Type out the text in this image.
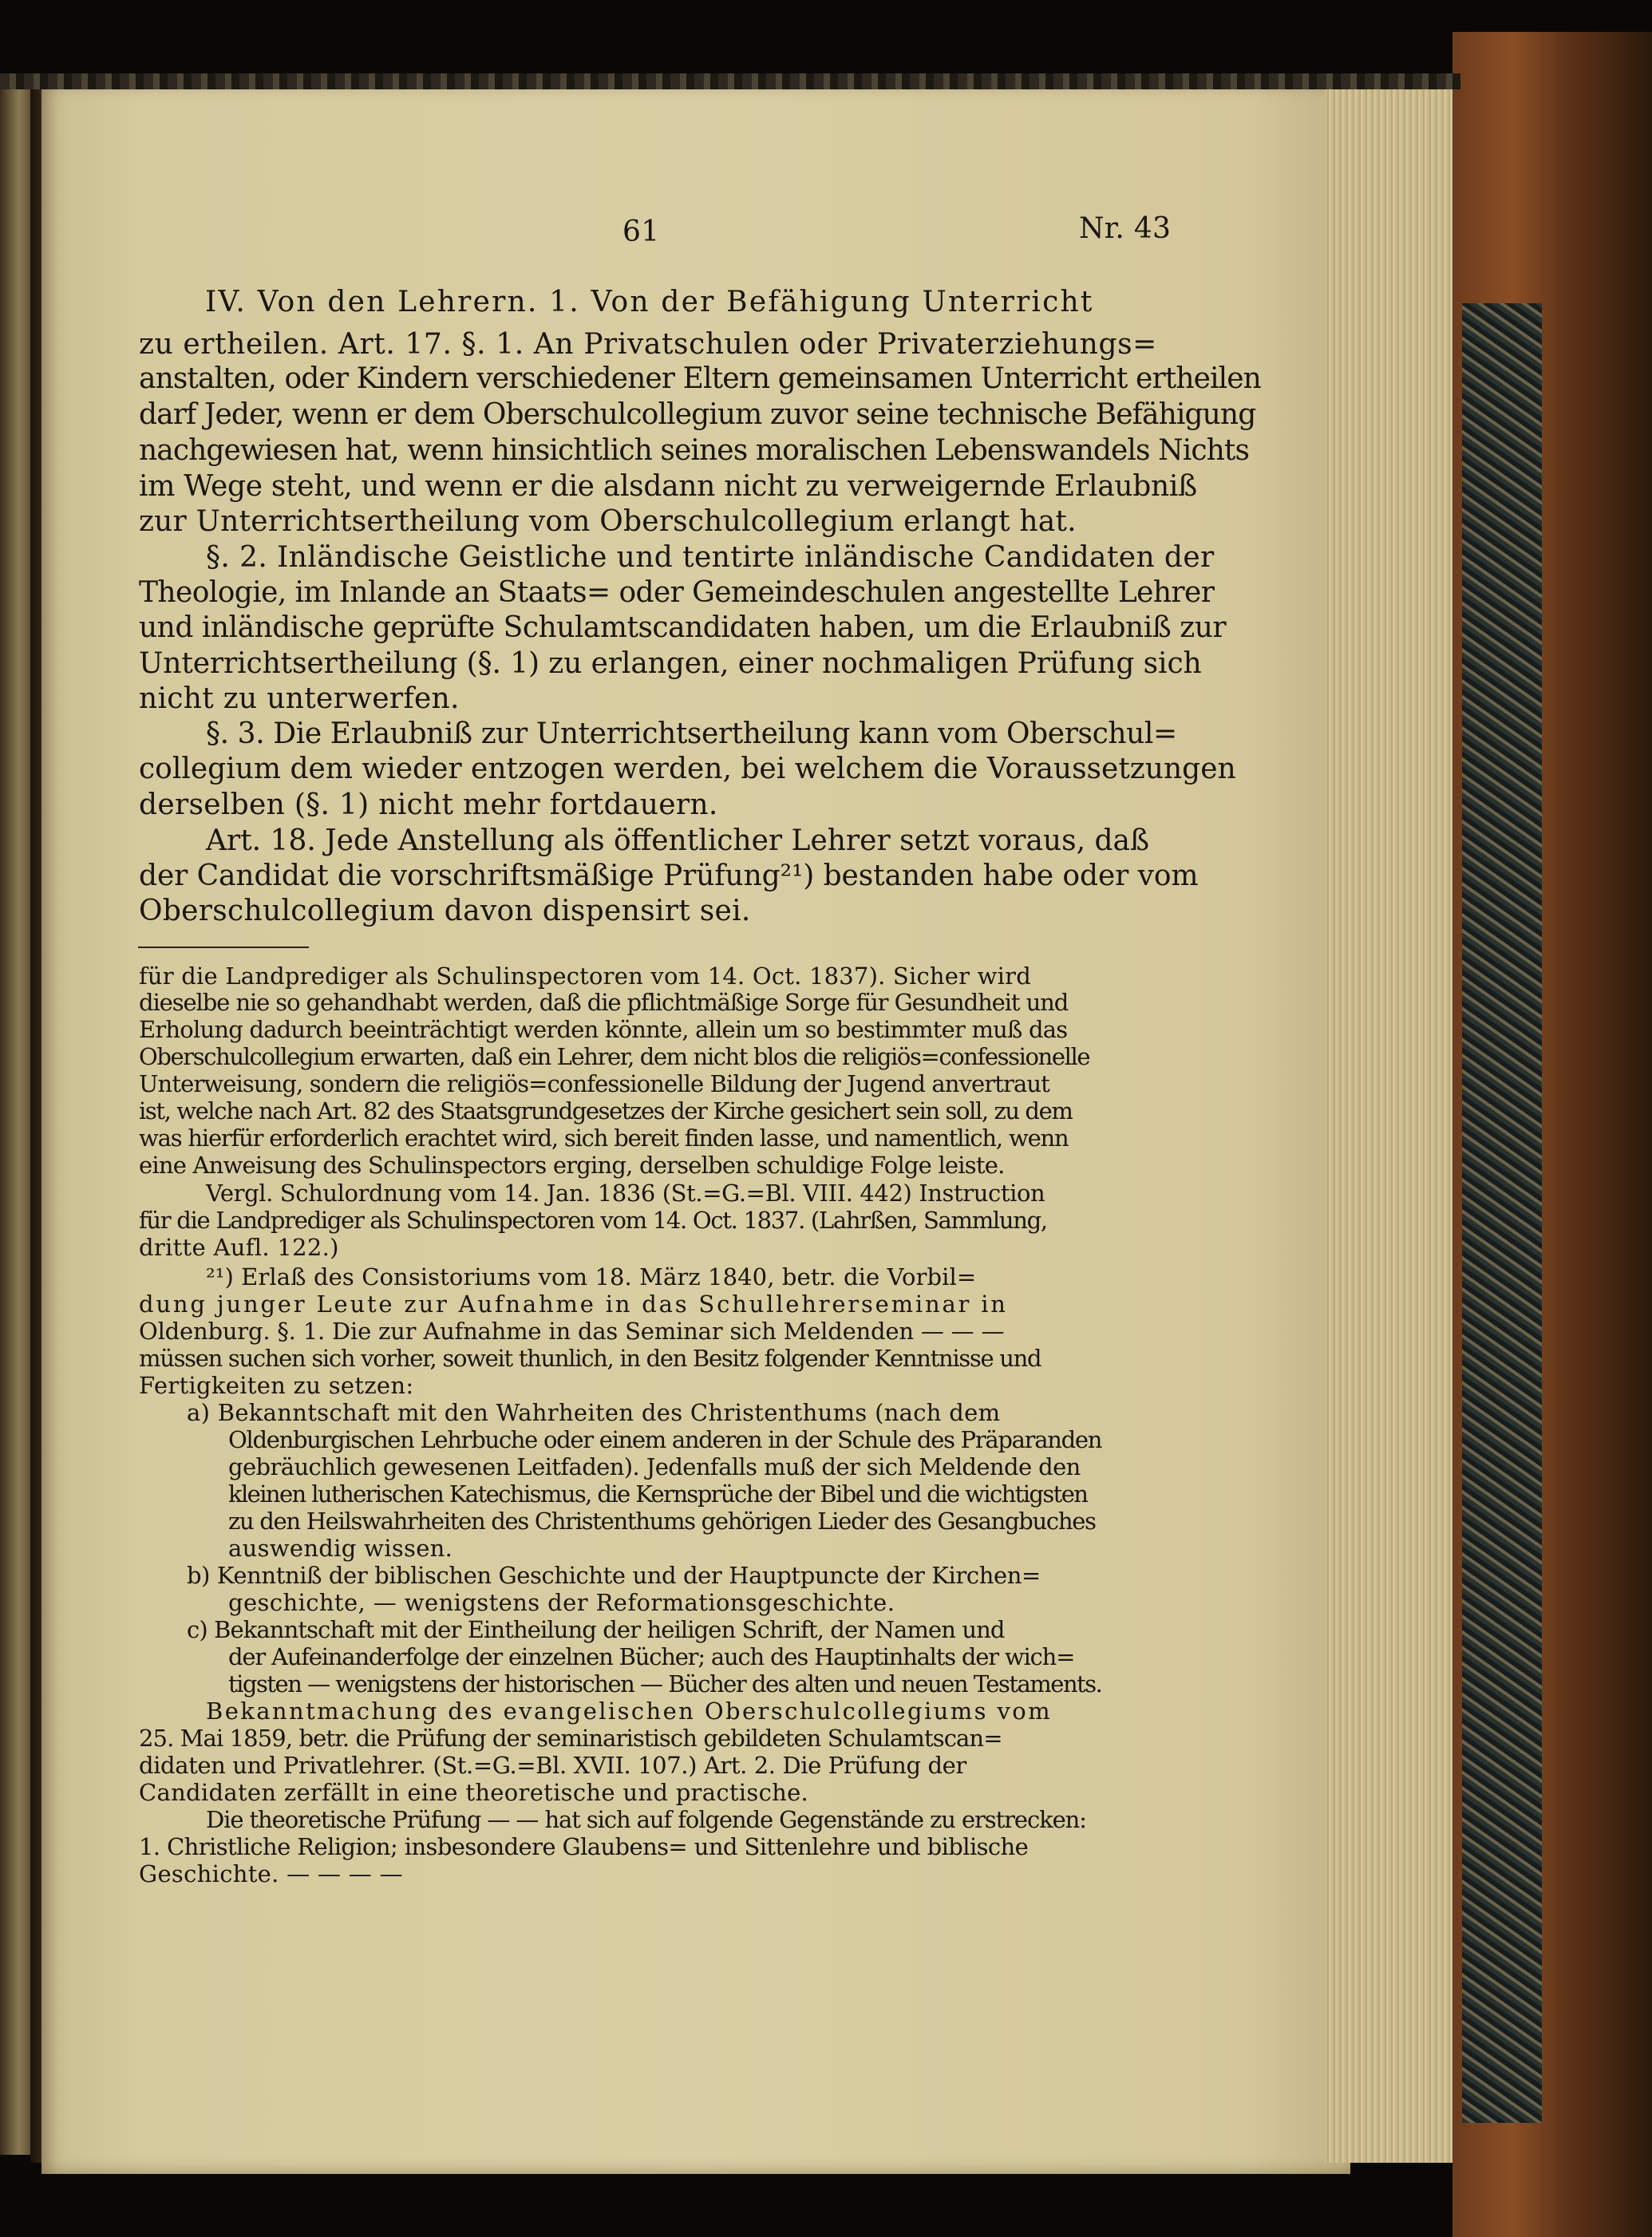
61	Nr. 43
IV. Von den Lehrern. 1. Von der Befähigung Unterricht
zu ertheilen. Art. 17. §. 1. An Privatschulen oder Privaterziehungs=
anstalten, oder Kindern verschiedener Eltern gemeinsamen Unterricht ertheilen
darf Jeder, wenn er dem Oberschulcollegium zuvor seine technische Befähigung
nachgewiesen hat, wenn hinsichtlich seines moralischen Lebenswandels Nichts
im Wege steht, und wenn er die alsdann nicht zu verweigernde Erlaubniß
zur Unterrichtsertheilung vom Oberschulcollegium erlangt hat.
§. 2. Inländische Geistliche und tentirte inländische Candidaten der
Theologie, im Inlande an Staats= oder Gemeindeschulen angestellte Lehrer
und inländische geprüfte Schulamtscandidaten haben, um die Erlaubniß zur
Unterrichtsertheilung (§. 1) zu erlangen, einer nochmaligen Prüfung sich
nicht zu unterwerfen.
§. 3. Die Erlaubniß zur Unterrichtsertheilung kann vom Oberschul=
collegium dem wieder entzogen werden, bei welchem die Voraussetzungen
derselben (§. 1) nicht mehr fortdauern.
Art. 18. Jede Anstellung als öffentlicher Lehrer setzt voraus, daß
der Candidat die vorschriftsmäßige Prüfung²¹) bestanden habe oder vom
Oberschulcollegium davon dispensirt sei.
für die Landprediger als Schulinspectoren vom 14. Oct. 1837). Sicher wird
dieselbe nie so gehandhabt werden, daß die pflichtmäßige Sorge für Gesundheit und
Erholung dadurch beeinträchtigt werden könnte, allein um so bestimmter muß das
Oberschulcollegium erwarten, daß ein Lehrer, dem nicht blos die religiös=confessionelle
Unterweisung, sondern die religiös=confessionelle Bildung der Jugend anvertraut
ist, welche nach Art. 82 des Staatsgrundgesetzes der Kirche gesichert sein soll, zu dem
was hierfür erforderlich erachtet wird, sich bereit finden lasse, und namentlich, wenn
eine Anweisung des Schulinspectors erging, derselben schuldige Folge leiste.
Vergl. Schulordnung vom 14. Jan. 1836 (St.=G.=Bl. VIII. 442) Instruction
für die Landprediger als Schulinspectoren vom 14. Oct. 1837. (Lahrßen, Sammlung,
dritte Aufl. 122.)
²¹) Erlaß des Consistoriums vom 18. März 1840, betr. die Vorbil=
dung junger Leute zur Aufnahme in das Schullehrerseminar in
Oldenburg. §. 1. Die zur Aufnahme in das Seminar sich Meldenden — — —
müssen suchen sich vorher, soweit thunlich, in den Besitz folgender Kenntnisse und
Fertigkeiten zu setzen:
a) Bekanntschaft mit den Wahrheiten des Christenthums (nach dem
Oldenburgischen Lehrbuche oder einem anderen in der Schule des Präparanden
gebräuchlich gewesenen Leitfaden). Jedenfalls muß der sich Meldende den
kleinen lutherischen Katechismus, die Kernsprüche der Bibel und die wichtigsten
zu den Heilswahrheiten des Christenthums gehörigen Lieder des Gesangbuches
auswendig wissen.
b) Kenntniß der biblischen Geschichte und der Hauptpuncte der Kirchen=
geschichte, — wenigstens der Reformationsgeschichte.
c) Bekanntschaft mit der Eintheilung der heiligen Schrift, der Namen und
der Aufeinanderfolge der einzelnen Bücher; auch des Hauptinhalts der wich=
tigsten — wenigstens der historischen — Bücher des alten und neuen Testaments.
Bekanntmachung des evangelischen Oberschulcollegiums vom
25. Mai 1859, betr. die Prüfung der seminaristisch gebildeten Schulamtscan=
didaten und Privatlehrer. (St.=G.=Bl. XVII. 107.) Art. 2. Die Prüfung der
Candidaten zerfällt in eine theoretische und practische.
Die theoretische Prüfung — — hat sich auf folgende Gegenstände zu erstrecken:
1. Christliche Religion; insbesondere Glaubens= und Sittenlehre und biblische
Geschichte. — — — —
